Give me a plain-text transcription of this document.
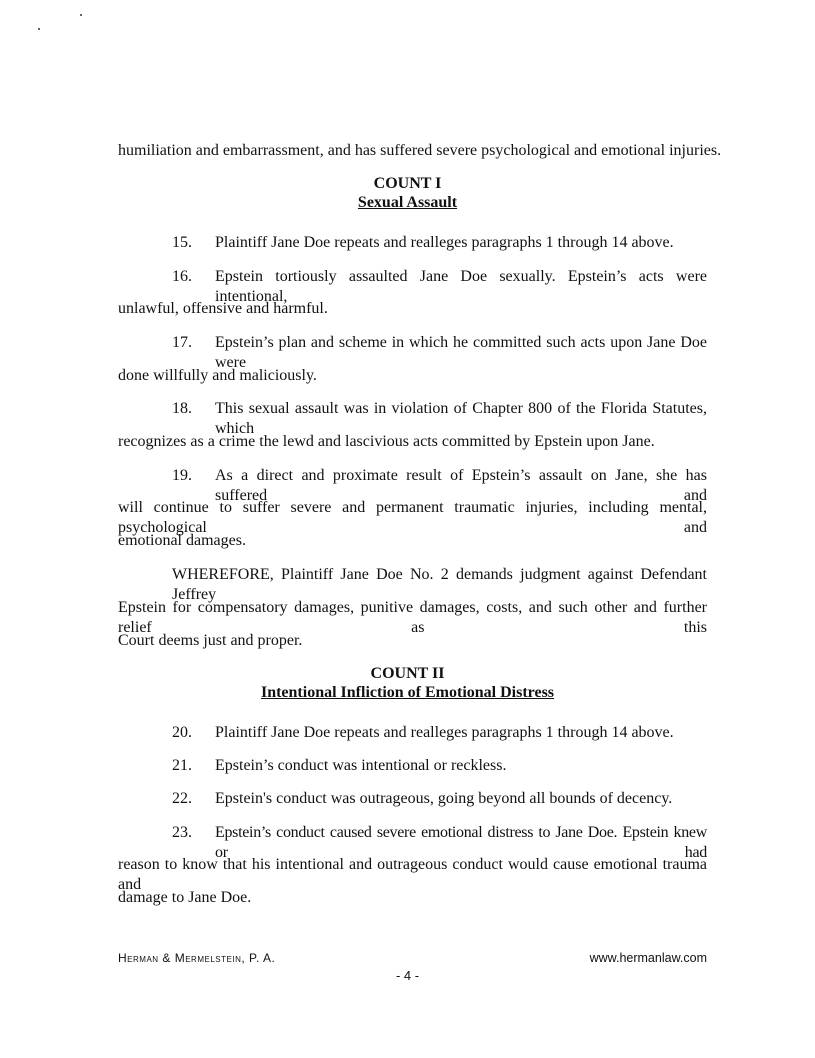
humiliation and embarrassment, and has suffered severe psychological and emotional injuries.
COUNT I
Sexual Assault
15. Plaintiff Jane Doe repeats and realleges paragraphs 1 through 14 above.
16. Epstein tortiously assaulted Jane Doe sexually. Epstein’s acts were intentional,
unlawful, offensive and harmful.
17. Epstein’s plan and scheme in which he committed such acts upon Jane Doe were
done willfully and maliciously.
18. This sexual assault was in violation of Chapter 800 of the Florida Statutes, which
recognizes as a crime the lewd and lascivious acts committed by Epstein upon Jane.
19. As a direct and proximate result of Epstein’s assault on Jane, she has suffered and
will continue to suffer severe and permanent traumatic injuries, including mental, psychological and
emotional damages.
WHEREFORE, Plaintiff Jane Doe No. 2 demands judgment against Defendant Jeffrey
Epstein for compensatory damages, punitive damages, costs, and such other and further relief as this
Court deems just and proper.
COUNT II
Intentional Infliction of Emotional Distress
20. Plaintiff Jane Doe repeats and realleges paragraphs 1 through 14 above.
21. Epstein’s conduct was intentional or reckless.
22. Epstein's conduct was outrageous, going beyond all bounds of decency.
23. Epstein’s conduct caused severe emotional distress to Jane Doe. Epstein knew or had
reason to know that his intentional and outrageous conduct would cause emotional trauma and
damage to Jane Doe.
Herman & Mermelstein, P. A.	www.hermanlaw.com
- 4 -
